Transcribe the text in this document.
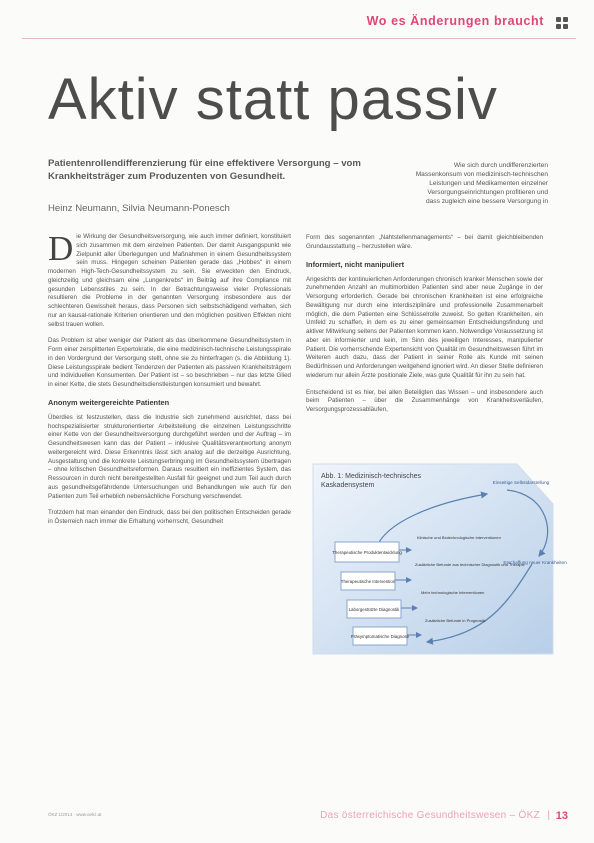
Wo es Änderungen braucht
Aktiv statt passiv
Patientenrollendifferenzierung für eine effektivere Versorgung – vom Krankheitsträger zum Produzenten von Gesundheit.
Heinz Neumann, Silvia Neumann-Ponesch
Wie sich durch undifferenzierten Massenkonsum von medizinisch-technischen Leistungen und Medikamenten einzelner Versorgungseinrichtungen profitieren und dass zugleich eine bessere Versorgung in

Die Wirkung der Gesundheitsversorgung, wie auch immer definiert, konstituiert sich zusammen mit dem einzelnen Patienten. Der damit Ausgangspunkt wie Zielpunkt aller Überlegungen und Maßnahmen in einem Gesundheitssystem sein muss. Hingegen scheinen Patienten gerade das „Hobbes“ in einem modernen High-Tech-Gesundheitssystem zu sein. Sie erweckten den Eindruck, gleichzeitig und gleichsam eine „Lungenkrebs“ im Beiträg auf ihre Compliance mit gesunden Lebensstiles zu sein. In der Betrachtungsweise vieler Professionals resultieren die Probleme in der genannten Versorgung insbesondere aus der schlechteren Gewissheit heraus, dass Personen sich selbstschädigend verhalten, sich nur an kausal-rationale Kriterien orientieren und den möglichen positiven Effekten nicht selbst trauen wollen.

Das Problem ist aber weniger der Patient als das überkommene Gesundheitssystem in Form einer zersplitterten Expertokratie, die eine medizinisch-technische Leistungsspirale in den Vordergrund der Versorgung stellt, ohne sie zu hinterfragen (s. die Abbildung 1). Diese Leistungsspirale bedient Tendenzen der Patienten als passiven Krankheitsträgern und individuellen Konsumenten. Der Patient ist – so beschrieben – nur das letzte Glied in einer Kette, die stets Gesundheitsdienstleistungen konsumiert und bewahrt.

Anonym weitergereichte Patienten

Überdies ist festzustellen, dass die Industrie sich zunehmend ausrichtet, dass bei hochspezialisierter strukturorientierter Arbeitsteilung die einzelnen Leistungsschritte einer Kette von der Gesundheitsversorgung durchgeführt werden und der Auftrag – im Gesundheitswesen kann das der Patient – inklusive Qualitätsverantwortung anonym weitergereicht wird. Diese Erkenntnis lässt sich analog auf die derzeitige Ausrichtung, Ausgestaltung und die konkrete Leistungserbringung im Gesundheitssystem übertragen – ohne kritischen Gesundheitsreformen. Daraus resultiert ein ineffizientes System, das Ressourcen in durch nicht bereitgestellten Ausfall für geeignet und zum Teil auch durch aus gesundheitsgefährdende Untersuchungen und Behandlungen wie auch für den Patienten zum Teil erheblich nebensächliche Forschung verschwendet.

Trotzdem hat man einander den Eindruck, dass bei den politischen Entscheiden gerade in Österreich nach immer die Erhaltung vorherrscht, Gesundheit

Form des sogenannten „Nahtstellenmanagements“ – bei damit gleichbleibenden Grundausstattung – herzustellen wäre.

Informiert, nicht manipuliert

Angesichts der kontinuierlichen Anforderungen chronisch kranker Menschen sowie der zunehmenden Anzahl an multimorbiden Patienten sind aber neue Zugänge in der Versorgung erforderlich. Gerade bei chronischen Krankheiten ist eine erfolgreiche Bewältigung nur durch eine interdisziplinäre und professionelle Zusammenarbeit möglich, die dem Patienten eine Schlüsselrolle zuweist. So gelten Krankheiten, ein Umfeld zu schaffen, in dem es zu einer gemeinsamen Entscheidungsfindung und aktiver Mitwirkung seitens der Patienten kommen kann. Notwendige Voraussetzung ist aber ein informierter und kein, im Sinn des jeweiligen Interesses, manipulierter Patient. Die vorherrschende Expertensicht von Qualität im Gesundheitswesen führt im Weiteren auch dazu, dass der Patient in seiner Rolle als Kunde mit seinen Bedürfnissen und Anforderungen weitgehend ignoriert wird. An dieser Stelle definieren wiederum nur allein Ärzte positionale Ziele, was gute Qualität für ihn zu sein hat.

Entscheidend ist es hier, bei allen Beteiligten das Wissen – und insbesondere auch beim Patienten – über die Zusammenhänge von Krankheitsverläufen, Versorgungsprozessabläufen,

Abb. 1: Medizinisch-technisches
Kaskadensystem	Einseitige Selbstdarstellung
Erschaffung neuer Krankheiten
Therapeutische Produktentwicklung
Therapeutische Intervention
Laborgestützte Diagnostik
Präsymptomatische Diagnose
Klinische und Biotechnologische Interventionen
Zusätzliche Befunde aus technischer Diagnostik und Therapie
Mehr technologische Interventionen
Zusätzliche Befunde in Prognostik
ÖKZ 1/2014 · www.oekz.at	Das österreichische Gesundheitswesen – ÖKZ | 13
